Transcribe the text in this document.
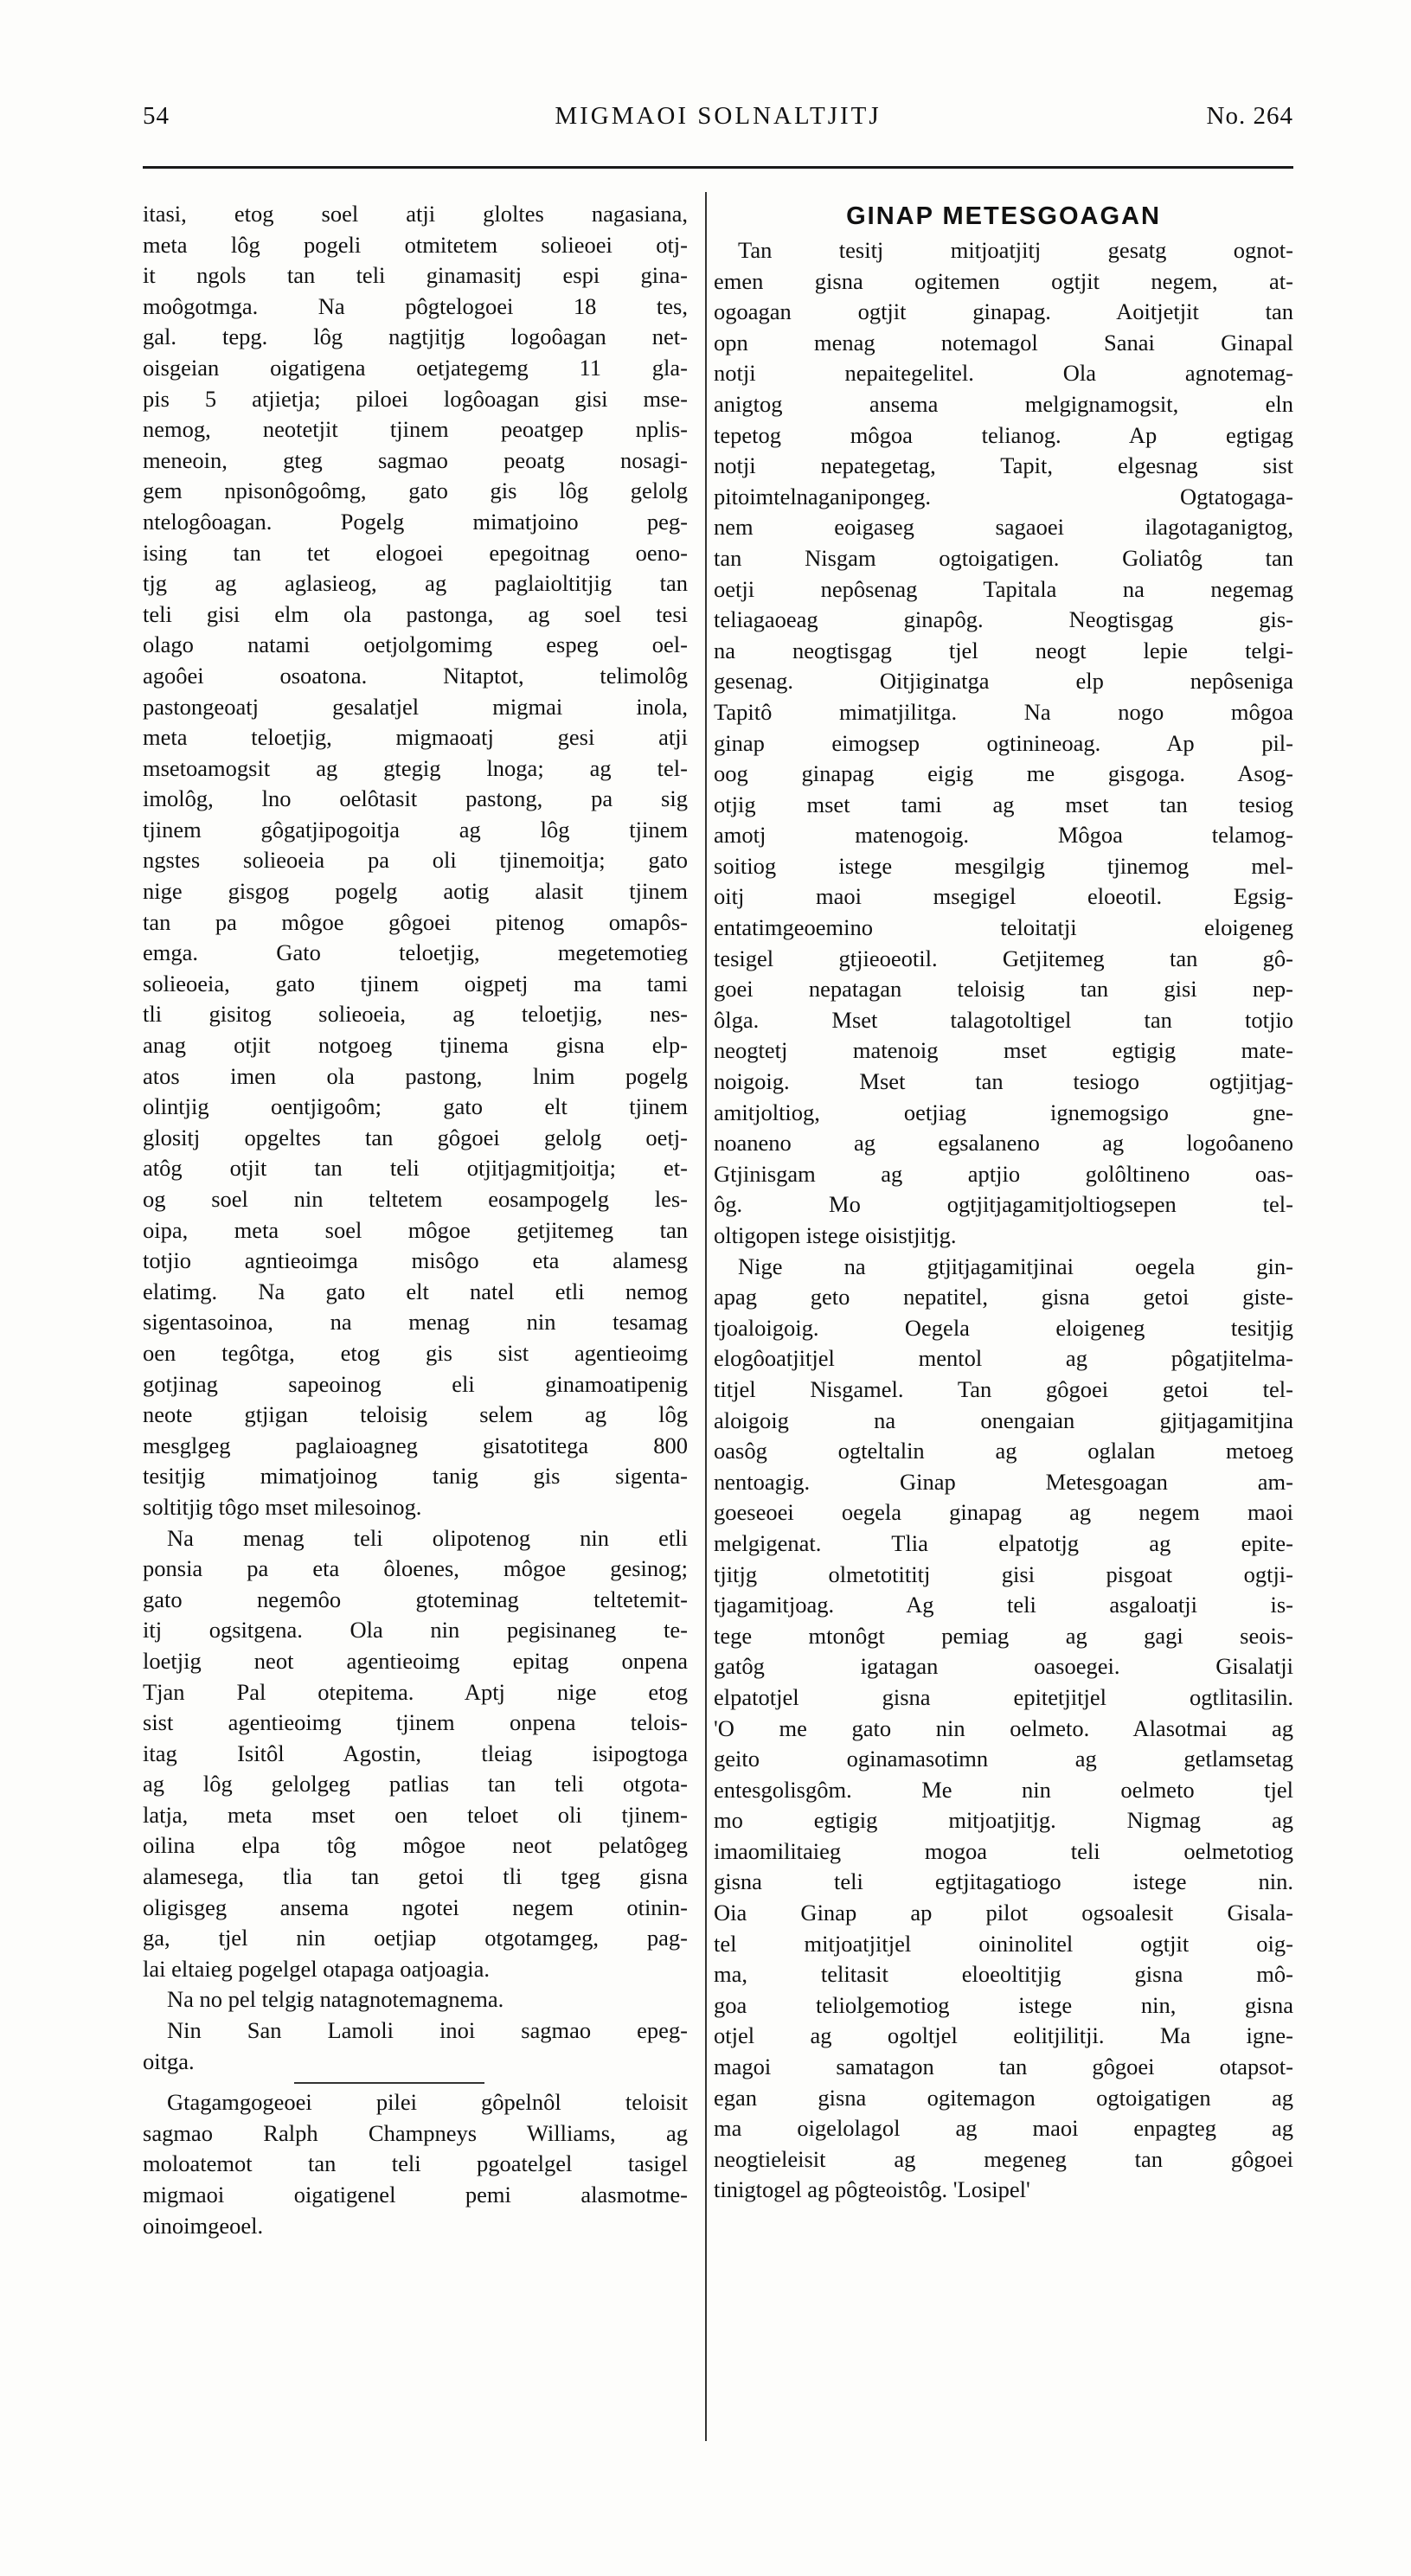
54	MIGMAOI SOLNALTJITJ	No. 264
itasi, etog soel atji gloltes nagasiana,
meta lôg pogeli otmitetem solieoei otj-
it ngols tan teli ginamasitj espi gina-
moôgotmga. Na pôgtelogoei 18 tes,
gal. tepg. lôg nagtjitjg logoôagan net-
oisgeian oigatigena oetjategemg 11 gla-
pis 5 atjietja; piloei logôoagan gisi mse-
nemog, neotetjit tjinem peoatgep nplis-
meneoin, gteg sagmao peoatg nosagi-
gem npisonôgoômg, gato gis lôg gelolg
ntelogôoagan. Pogelg mimatjoino peg-
ising tan tet elogoei epegoitnag oeno-
tjg ag aglasieog, ag paglaioltitjig tan
teli gisi elm ola pastonga, ag soel tesi
olago natami oetjolgomimg espeg oel-
agoôei osoatona. Nitaptot, telimolôg
pastongeoatj gesalatjel migmai inola,
meta teloetjig, migmaoatj gesi atji
msetoamogsit ag gtegig lnoga; ag tel-
imolôg, lno oelôtasit pastong, pa sig
tjinem gôgatjipogoitja ag lôg tjinem
ngstes solieoeia pa oli tjinemoitja; gato
nige gisgog pogelg aotig alasit tjinem
tan pa môgoe gôgoei pitenog omapôs-
emga. Gato teloetjig, megetemotieg
solieoeia, gato tjinem oigpetj ma tami
tli gisitog solieoeia, ag teloetjig, nes-
anag otjit notgoeg tjinema gisna elp-
atos imen ola pastong, lnim pogelg
olintjig oentjigoôm; gato elt tjinem
glositj opgeltes tan gôgoei gelolg oetj-
atôg otjit tan teli otjitjagmitjoitja; et-
og soel nin teltetem eosampogelg les-
oipa, meta soel môgoe getjitemeg tan
totjio agntieoimga misôgo eta alamesg
elatimg. Na gato elt natel etli nemog
sigentasoinoa, na menag nin tesamag
oen tegôtga, etog gis sist agentieoimg
gotjinag sapeoinog eli ginamoatipenig
neote gtjigan teloisig selem ag lôg
mesglgeg paglaioagneg gisatotitega 800
tesitjig mimatjoinog tanig gis sigenta-
soltitjig tôgo mset milesoinog.
Na menag teli olipotenog nin etli
ponsia pa eta ôloenes, môgoe gesinog;
gato negemôo gtoteminag teltetemit-
itj ogsitgena. Ola nin pegisinaneg te-
loetjig neot agentieoimg epitag onpena
Tjan Pal otepitema. Aptj nige etog
sist agentieoimg tjinem onpena telois-
itag Isitôl Agostin, tleiag isipogtoga
ag lôg gelolgeg patlias tan teli otgota-
latja, meta mset oen teloet oli tjinem-
oilina elpa tôg môgoe neot pelatôgeg
alamesega, tlia tan getoi tli tgeg gisna
oligisgeg ansema ngotei negem otinin-
ga, tjel nin oetjiap otgotamgeg, pag-
lai eltaieg pogelgel otapaga oatjoagia.
Na no pel telgig natagnotemagnema.
Nin San Lamoli inoi sagmao epeg-
oitga.
Gtagamgogeoei pilei gôpelnôl teloisit
sagmao Ralph Champneys Williams, ag
moloatemot tan teli pgoatelgel tasigel
migmaoi oigatigenel pemi alasmotme-
oinoimgeoel.
GINAP METESGOAGAN
Tan tesitj mitjoatjitj gesatg ognot-
emen gisna ogitemen ogtjit negem, at-
ogoagan ogtjit ginapag. Aoitjetjit tan
opn menag notemagol Sanai Ginapal
notji nepaitegelitel. Ola agnotemag-
anigtog ansema melgignamogsit, eln
tepetog môgoa telianog. Ap egtigag
notji nepategetag, Tapit, elgesnag sist
pitoimtelnaganipongeg. Ogtatogaga-
nem eoigaseg sagaoei ilagotaganigtog,
tan Nisgam ogtoigatigen. Goliatôg tan
oetji nepôsenag Tapitala na negemag
teliagaoeag ginapôg. Neogtisgag gis-
na neogtisgag tjel neogt lepie telgi-
gesenag. Oitjiginatga elp nepôseniga
Tapitô mimatjilitga. Na nogo môgoa
ginap eimogsep ogtinineoag. Ap pil-
oog ginapag eigig me gisgoga. Asog-
otjig mset tami ag mset tan tesiog
amotj matenogoig. Môgoa telamog-
soitiog istege mesgilgig tjinemog mel-
oitj maoi msegigel eloeotil. Egsig-
entatimgeoemino teloitatji eloigeneg
tesigel gtjieoeotil. Getjitemeg tan gô-
goei nepatagan teloisig tan gisi nep-
ôlga. Mset talagotoltigel tan totjio
neogtetj matenoig mset egtigig mate-
noigoig. Mset tan tesiogo ogtjitjag-
amitjoltiog, oetjiag ignemogsigo gne-
noaneno ag egsalaneno ag logoôaneno
Gtjinisgam ag aptjio golôltineno oas-
ôg. Mo ogtjitjagamitjoltiogsepen tel-
oltigopen istege oisistjitjg.
Nige na gtjitjagamitjinai oegela gin-
apag geto nepatitel, gisna getoi giste-
tjoaloigoig. Oegela eloigeneg tesitjig
elogôoatjitjel mentol ag pôgatjitelma-
titjel Nisgamel. Tan gôgoei getoi tel-
aloigoig na onengaian gjitjagamitjina
oasôg ogteltalin ag oglalan metoeg
nentoagig. Ginap Metesgoagan am-
goeseoei oegela ginapag ag negem maoi
melgigenat. Tlia elpatotjg ag epite-
tjitjg olmetotititj gisi pisgoat ogtji-
tjagamitjoag. Ag teli asgaloatji is-
tege mtonôgt pemiag ag gagi seois-
gatôg igatagan oasoegei. Gisalatji
elpatotjel gisna epitetjitjel ogtlitasilin.
'O me gato nin oelmeto. Alasotmai ag
geito oginamasotimn ag getlamsetag
entesgolisgôm. Me nin oelmeto tjel
mo egtigig mitjoatjitjg. Nigmag ag
imaomilitaieg mogoa teli oelmetotiog
gisna teli egtjitagatiogo istege nin.
Oia Ginap ap pilot ogsoalesit Gisala-
tel mitjoatjitjel oininolitel ogtjit oig-
ma, telitasit eloeoltitjig gisna mô-
goa teliolgemotiog istege nin, gisna
otjel ag ogoltjel eolitjilitji. Ma igne-
magoi samatagon tan gôgoei otapsot-
egan gisna ogitemagon ogtoigatigen ag
ma oigelolagol ag maoi enpagteg ag
neogtieleisit ag megeneg tan gôgoei
tinigtogel ag pôgteoistôg. 'Losipel'
